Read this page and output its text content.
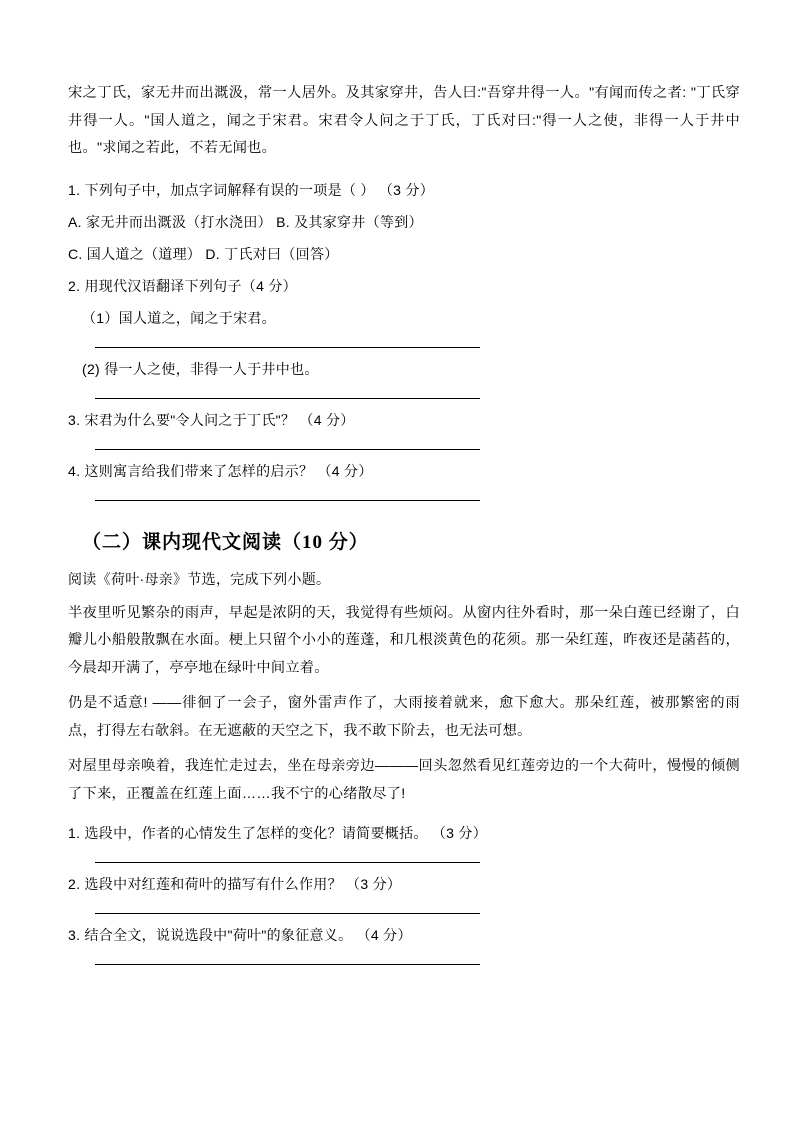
宋之丁氏，家无井而出溉汲，常一人居外。及其家穿井，告人曰:"吾穿井得一人。"有闻而传之者: "丁氏穿井得一人。"国人道之，闻之于宋君。宋君令人问之于丁氏，丁氏对曰:"得一人之使，非得一人于井中也。"求闻之若此，不若无闻也。

1. 下列句子中，加点字词解释有误的一项是（ ） （3 分）

A. 家无井而出溉汲（打水浇田） B. 及其家穿井（等到）

C. 国人道之（道理） D. 丁氏对曰（回答）

2. 用现代汉语翻译下列句子（4 分）

（1）国人道之，闻之于宋君。

(2) 得一人之使，非得一人于井中也。

3. 宋君为什么要"令人问之于丁氏"？ （4 分）

4. 这则寓言给我们带来了怎样的启示？ （4 分）

（二）课内现代文阅读（10 分）

阅读《荷叶·母亲》节选，完成下列小题。

半夜里听见繁杂的雨声，早起是浓阴的天，我觉得有些烦闷。从窗内往外看时，那一朵白莲已经谢了，白瓣儿小船般散飘在水面。梗上只留个小小的莲蓬，和几根淡黄色的花须。那一朵红莲，昨夜还是菡萏的，今晨却开满了，亭亭地在绿叶中间立着。

仍是不适意! ——徘徊了一会子，窗外雷声作了，大雨接着就来，愈下愈大。那朵红莲，被那繁密的雨点，打得左右欹斜。在无遮蔽的天空之下，我不敢下阶去，也无法可想。

对屋里母亲唤着，我连忙走过去，坐在母亲旁边———回头忽然看见红莲旁边的一个大荷叶，慢慢的倾侧了下来，正覆盖在红莲上面……我不宁的心绪散尽了!

1. 选段中，作者的心情发生了怎样的变化？请简要概括。 （3 分）

2. 选段中对红莲和荷叶的描写有什么作用？ （3 分）

3. 结合全文，说说选段中"荷叶"的象征意义。 （4 分）
